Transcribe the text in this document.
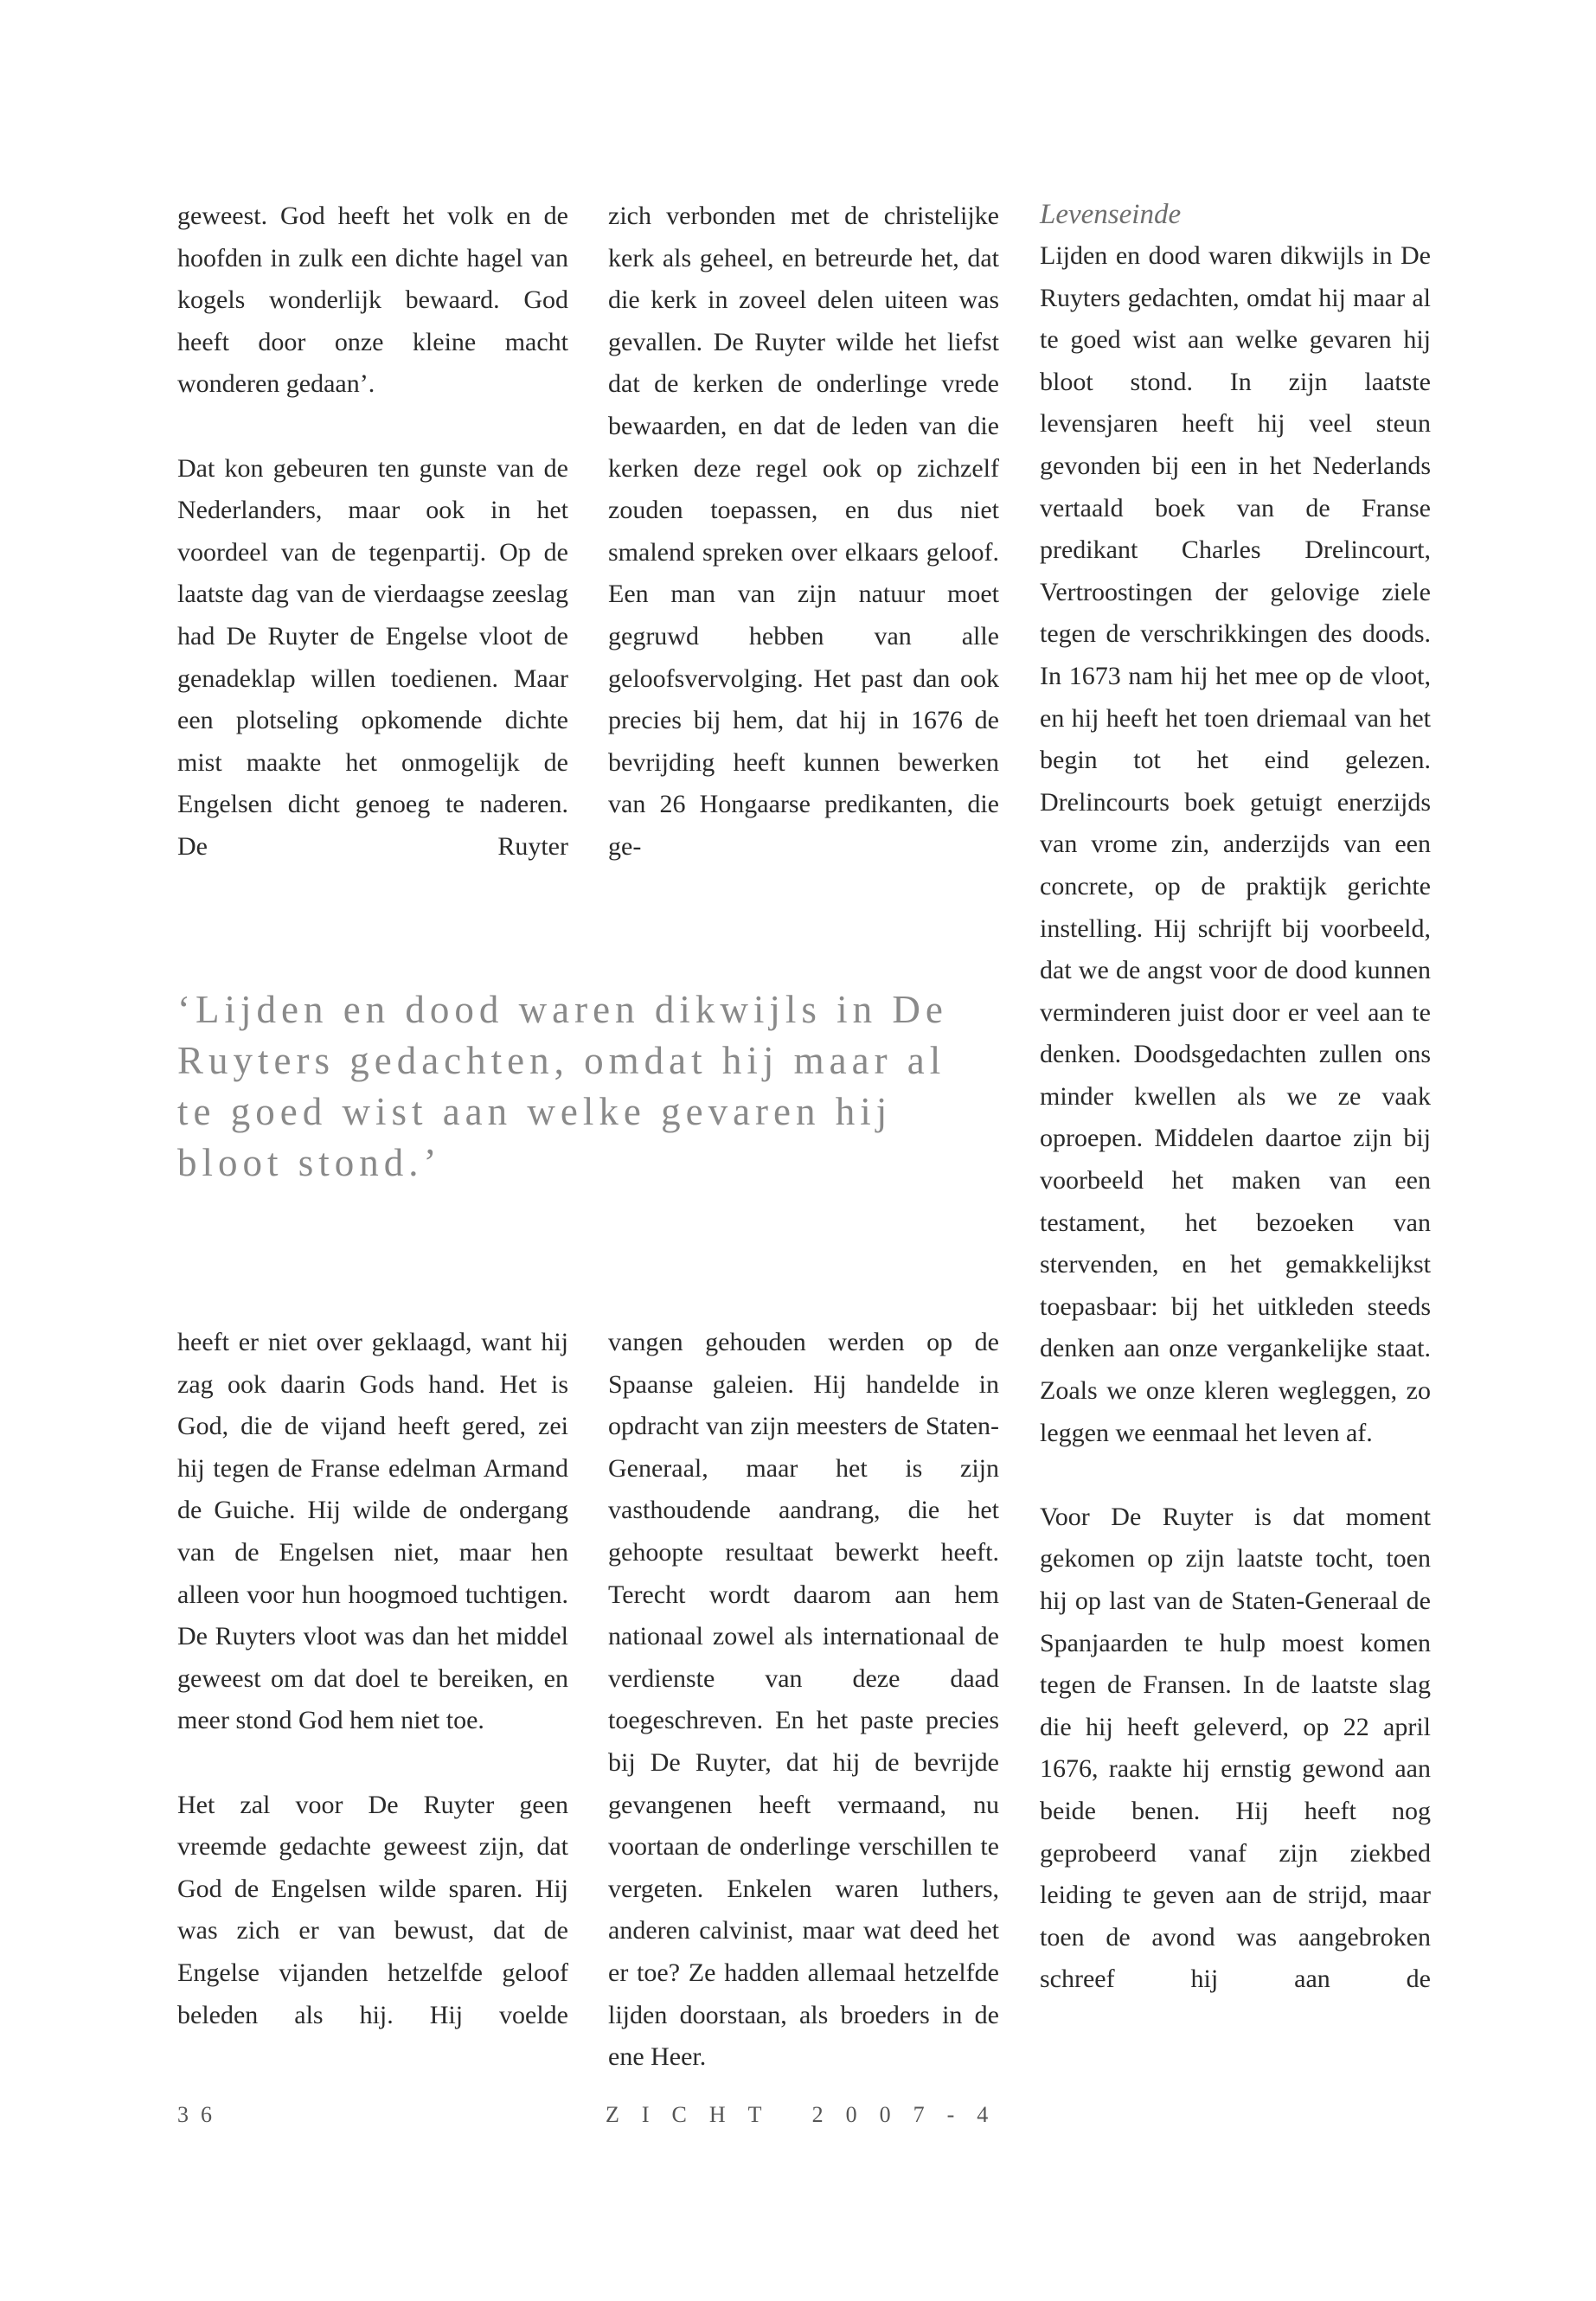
geweest. God heeft het volk en de hoofden in zulk een dichte hagel van kogels wonderlijk bewaard. God heeft door onze kleine macht wonderen gedaan’.

Dat kon gebeuren ten gunste van de Nederlanders, maar ook in het voordeel van de tegenpartij. Op de laatste dag van de vierdaagse zeeslag had De Ruyter de Engelse vloot de genadeklap willen toedienen. Maar een plotseling opkomende dichte mist maakte het onmogelijk de Engelsen dicht genoeg te naderen. De Ruyter

zich verbonden met de christelijke kerk als geheel, en betreurde het, dat die kerk in zoveel delen uiteen was gevallen. De Ruyter wilde het liefst dat de kerken de onderlinge vrede bewaarden, en dat de leden van die kerken deze regel ook op zichzelf zouden toepassen, en dus niet smalend spreken over elkaars geloof. Een man van zijn natuur moet gegruwd hebben van alle geloofsvervolging. Het past dan ook precies bij hem, dat hij in 1676 de bevrijding heeft kunnen bewerken van 26 Hongaarse predikanten, die ge-

‘Lijden en dood waren dikwijls in De Ruyters gedachten, omdat hij maar al te goed wist aan welke gevaren hij bloot stond.’

heeft er niet over geklaagd, want hij zag ook daarin Gods hand. Het is God, die de vijand heeft gered, zei hij tegen de Franse edelman Armand de Guiche. Hij wilde de ondergang van de Engelsen niet, maar hen alleen voor hun hoogmoed tuchtigen. De Ruyters vloot was dan het middel geweest om dat doel te bereiken, en meer stond God hem niet toe.

Het zal voor De Ruyter geen vreemde gedachte geweest zijn, dat God de Engelsen wilde sparen. Hij was zich er van bewust, dat de Engelse vijanden hetzelfde geloof beleden als hij. Hij voelde

vangen gehouden werden op de Spaanse galeien. Hij handelde in opdracht van zijn meesters de Staten-Generaal, maar het is zijn vasthoudende aandrang, die het gehoopte resultaat bewerkt heeft. Terecht wordt daarom aan hem nationaal zowel als internationaal de verdienste van deze daad toegeschreven. En het paste precies bij De Ruyter, dat hij de bevrijde gevangenen heeft vermaand, nu voortaan de onderlinge verschillen te vergeten. Enkelen waren luthers, anderen calvinist, maar wat deed het er toe? Ze hadden allemaal hetzelfde lijden doorstaan, als broeders in de ene Heer.

Levenseinde

Lijden en dood waren dikwijls in De Ruyters gedachten, omdat hij maar al te goed wist aan welke gevaren hij bloot stond. In zijn laatste levensjaren heeft hij veel steun gevonden bij een in het Nederlands vertaald boek van de Franse predikant Charles Drelincourt, Vertroostingen der gelovige ziele tegen de verschrikkingen des doods. In 1673 nam hij het mee op de vloot, en hij heeft het toen driemaal van het begin tot het eind gelezen. Drelincourts boek getuigt enerzijds van vrome zin, anderzijds van een concrete, op de praktijk gerichte instelling. Hij schrijft bij voorbeeld, dat we de angst voor de dood kunnen verminderen juist door er veel aan te denken. Doodsgedachten zullen ons minder kwellen als we ze vaak oproepen. Middelen daartoe zijn bij voorbeeld het maken van een testament, het bezoeken van stervenden, en het gemakkelijkst toepasbaar: bij het uitkleden steeds denken aan onze vergankelijke staat. Zoals we onze kleren wegleggen, zo leggen we eenmaal het leven af.

Voor De Ruyter is dat moment gekomen op zijn laatste tocht, toen hij op last van de Staten-Generaal de Spanjaarden te hulp moest komen tegen de Fransen. In de laatste slag die hij heeft geleverd, op 22 april 1676, raakte hij ernstig gewond aan beide benen. Hij heeft nog geprobeerd vanaf zijn ziekbed leiding te geven aan de strijd, maar toen de avond was aangebroken schreef hij aan de

36	ZICHT 2007-4
